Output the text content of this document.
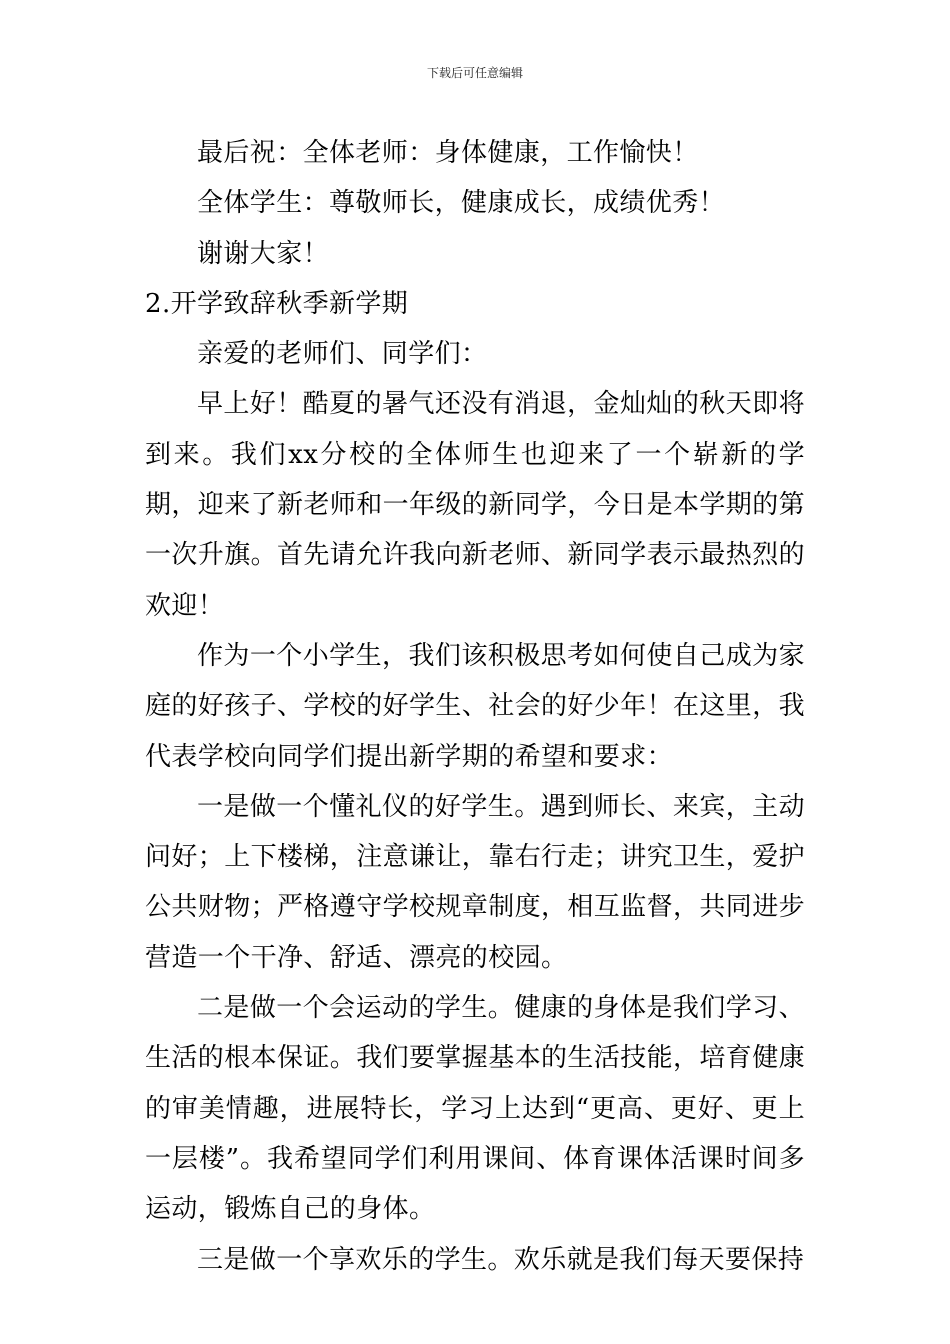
下载后可任意编辑

最后祝：全体老师：身体健康，工作愉快！

全体学生：尊敬师长，健康成长，成绩优秀！

谢谢大家！

2.开学致辞秋季新学期

亲爱的老师们、同学们：

早上好！酷夏的暑气还没有消退，金灿灿的秋天即将到来。我们xx分校的全体师生也迎来了一个崭新的学期，迎来了新老师和一年级的新同学，今日是本学期的第一次升旗。首先请允许我向新老师、新同学表示最热烈的欢迎！

作为一个小学生，我们该积极思考如何使自己成为家庭的好孩子、学校的好学生、社会的好少年！在这里，我代表学校向同学们提出新学期的希望和要求：

一是做一个懂礼仪的好学生。遇到师长、来宾，主动问好；上下楼梯，注意谦让，靠右行走；讲究卫生，爱护公共财物；严格遵守学校规章制度，相互监督，共同进步营造一个干净、舒适、漂亮的校园。

二是做一个会运动的学生。健康的身体是我们学习、生活的根本保证。我们要掌握基本的生活技能，培育健康的审美情趣，进展特长，学习上达到“更高、更好、更上一层楼”。我希望同学们利用课间、体育课体活课时间多运动，锻炼自己的身体。

三是做一个享欢乐的学生。欢乐就是我们每天要保持
